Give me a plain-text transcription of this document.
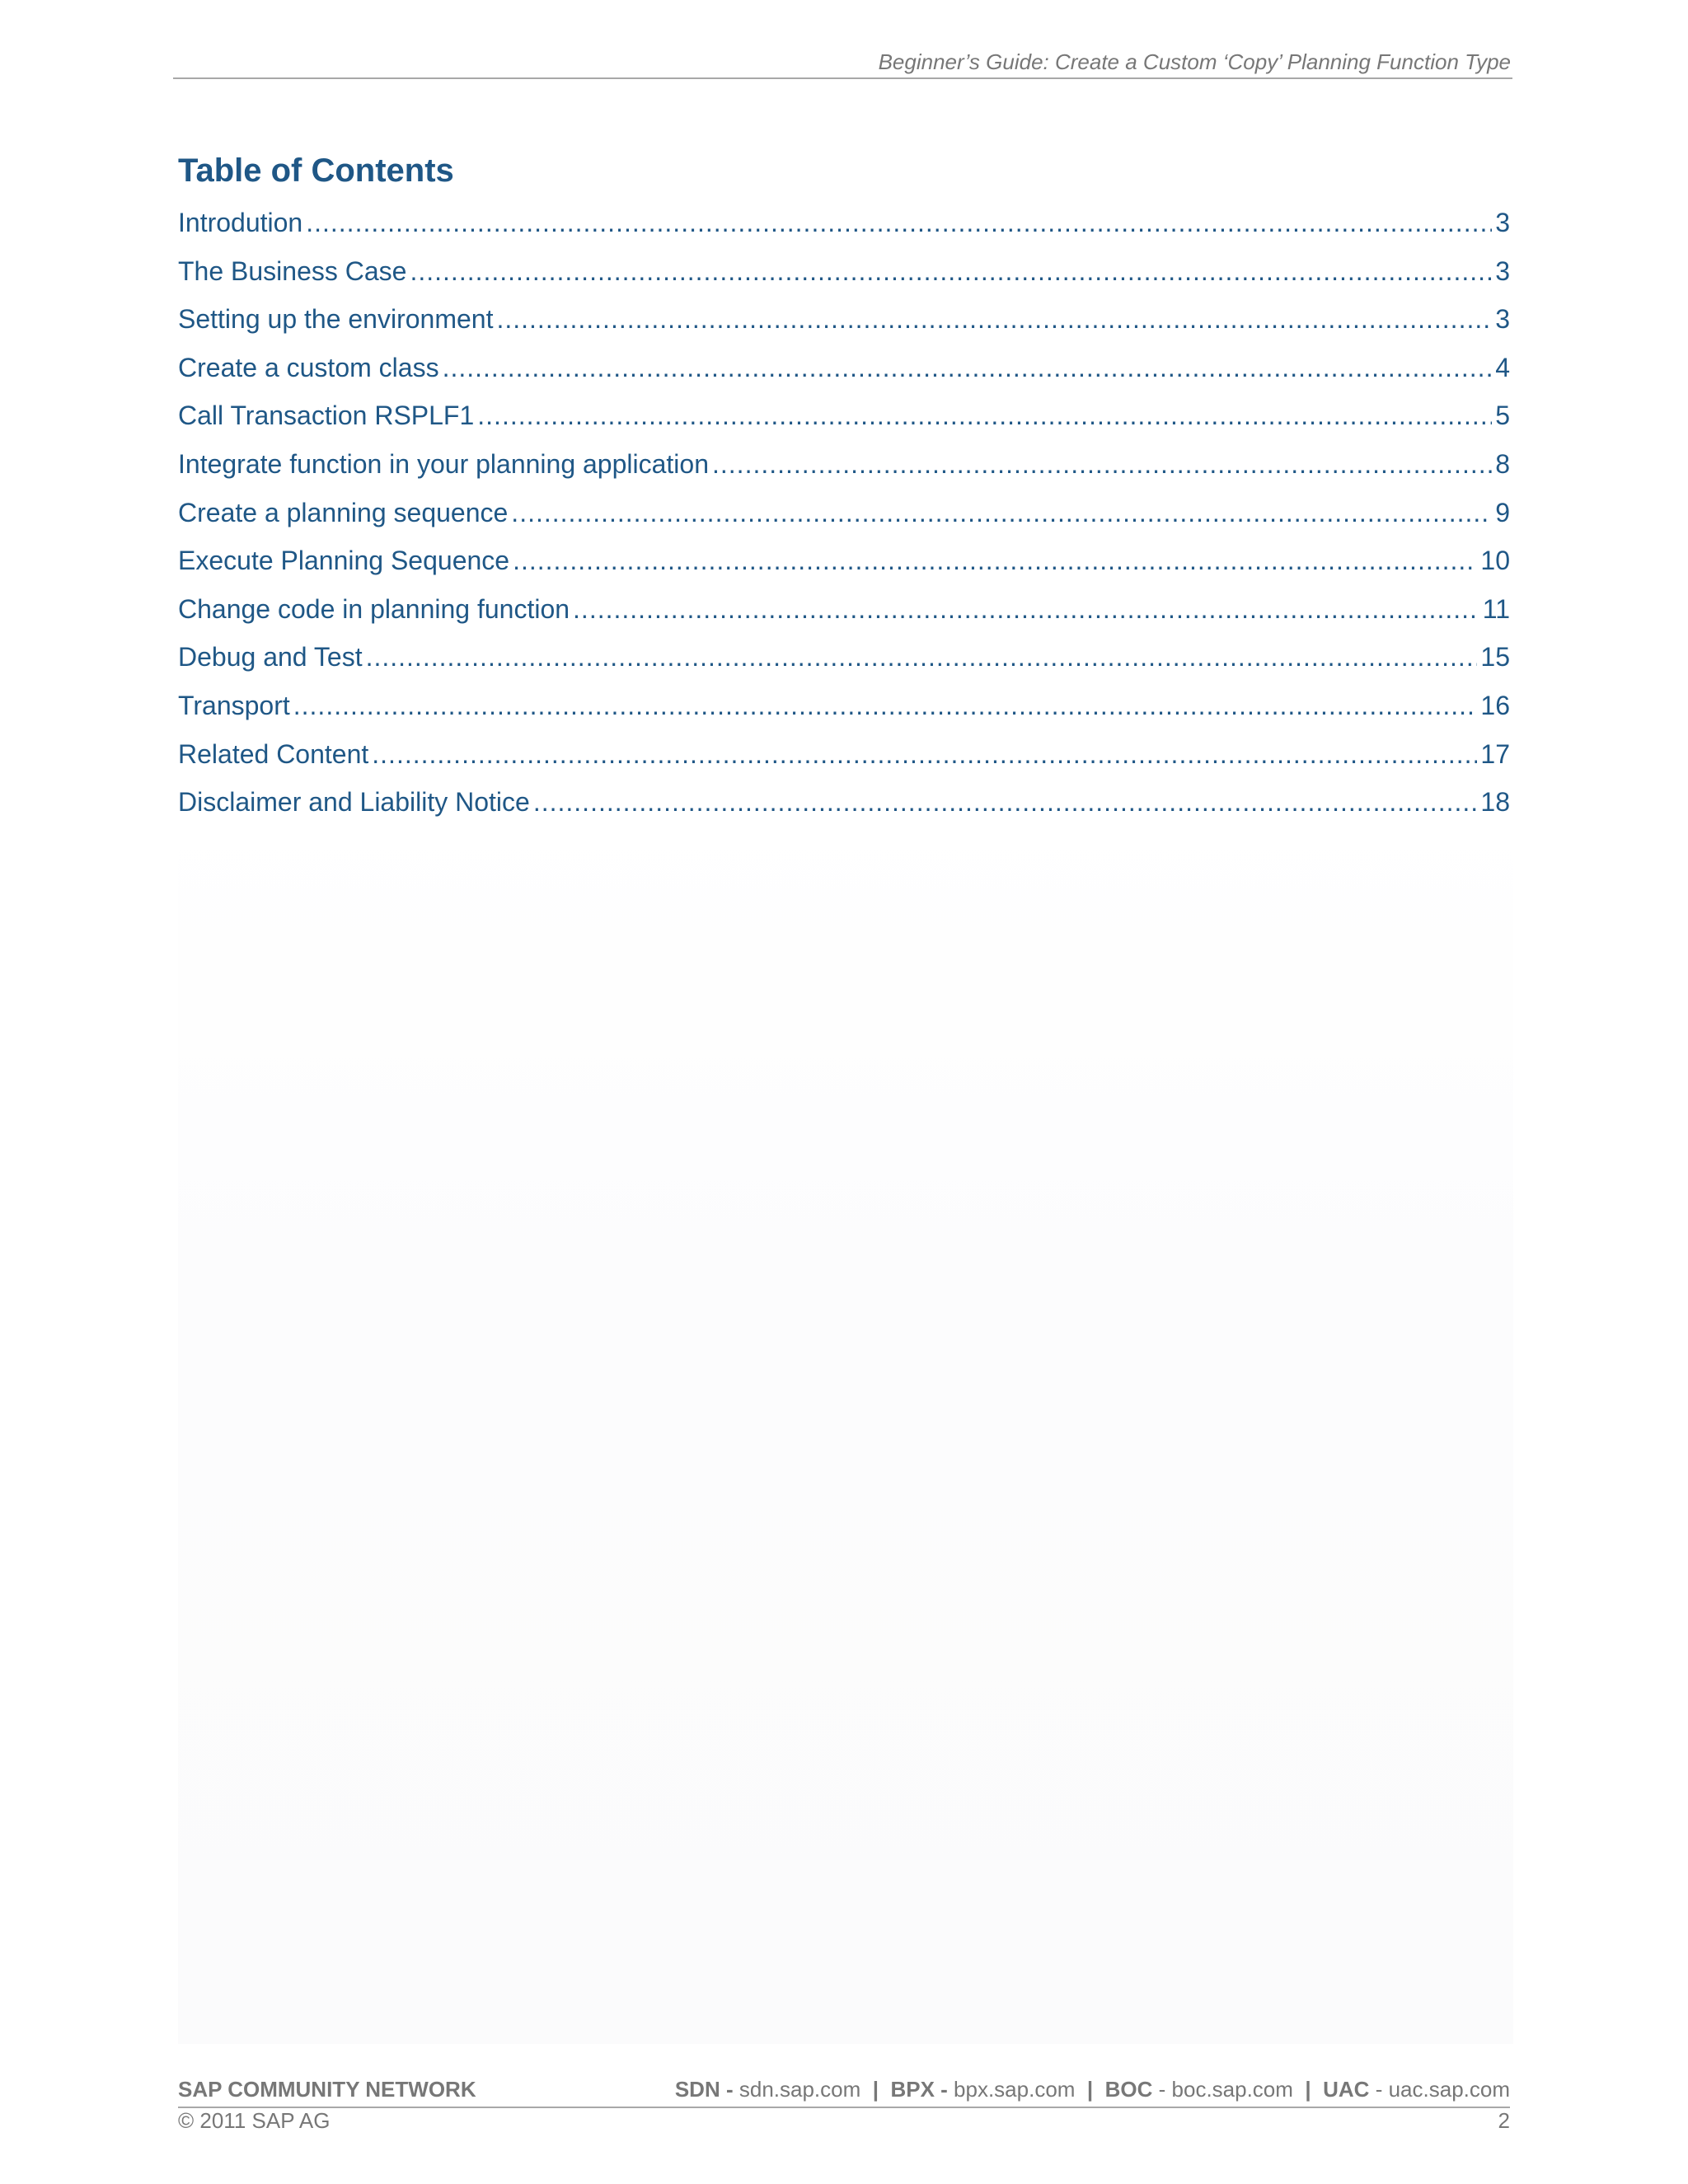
Beginner’s Guide: Create a Custom ‘Copy’ Planning Function Type
Table of Contents
Introdution .....	3
The Business Case .....	3
Setting up the environment .....	3
Create a custom class .....	4
Call Transaction RSPLF1 .....	5
Integrate function in your planning application .....	8
Create a planning sequence .....	9
Execute Planning Sequence .....	10
Change code in planning function .....	11
Debug and Test .....	15
Transport .....	16
Related Content .....	17
Disclaimer and Liability Notice .....	18
SAP COMMUNITY NETWORK	SDN - sdn.sap.com | BPX - bpx.sap.com | BOC - boc.sap.com | UAC - uac.sap.com
© 2011 SAP AG	2
